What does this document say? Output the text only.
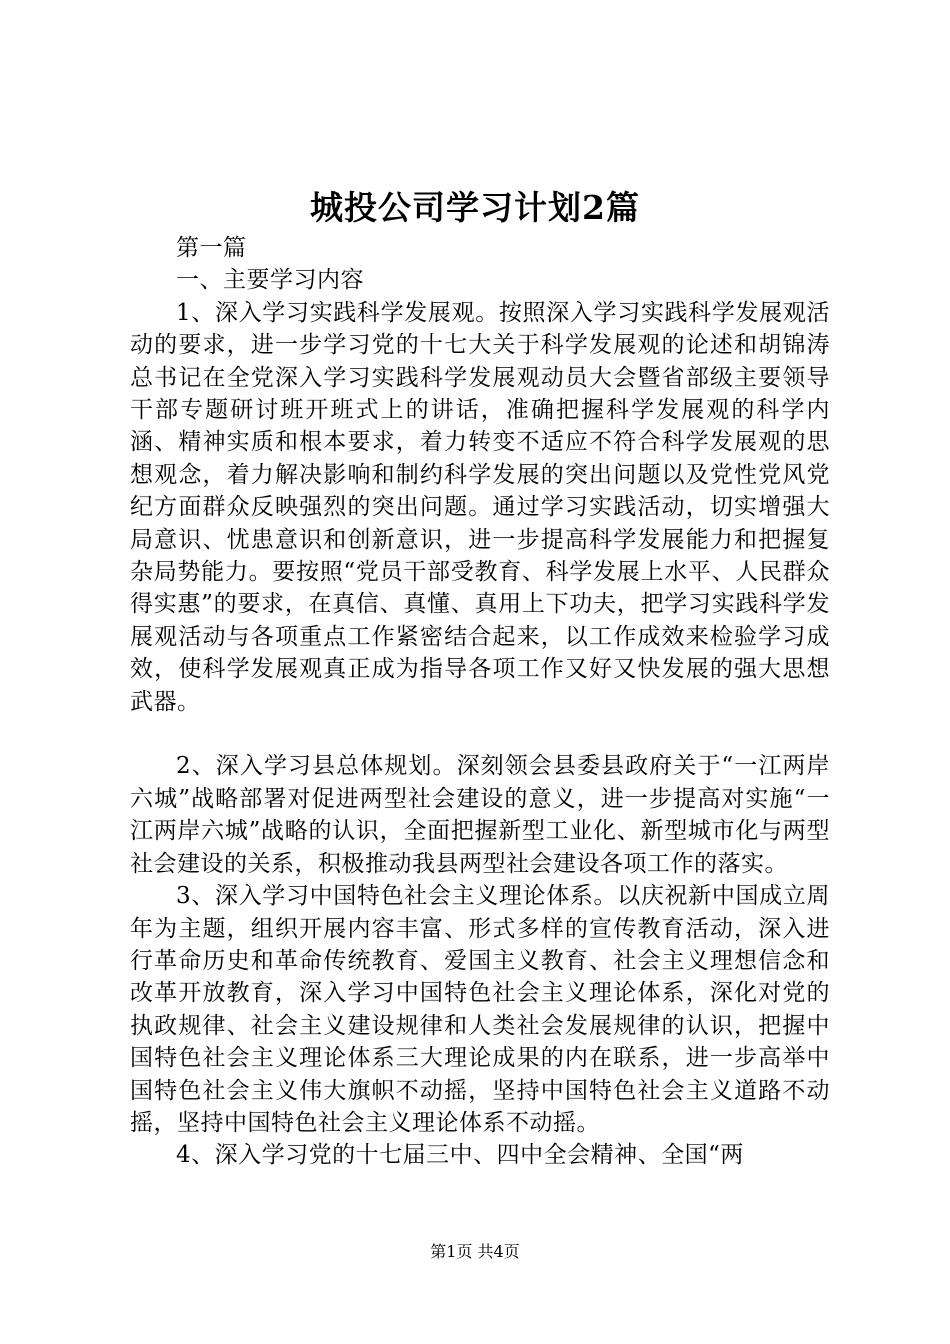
城投公司学习计划2篇

第一篇

一、主要学习内容

1、深入学习实践科学发展观。按照深入学习实践科学发展观活动的要求，进一步学习党的十七大关于科学发展观的论述和胡锦涛总书记在全党深入学习实践科学发展观动员大会暨省部级主要领导干部专题研讨班开班式上的讲话，准确把握科学发展观的科学内涵、精神实质和根本要求，着力转变不适应不符合科学发展观的思想观念，着力解决影响和制约科学发展的突出问题以及党性党风党纪方面群众反映强烈的突出问题。通过学习实践活动，切实增强大局意识、忧患意识和创新意识，进一步提高科学发展能力和把握复杂局势能力。要按照“党员干部受教育、科学发展上水平、人民群众得实惠”的要求，在真信、真懂、真用上下功夫，把学习实践科学发展观活动与各项重点工作紧密结合起来，以工作成效来检验学习成效，使科学发展观真正成为指导各项工作又好又快发展的强大思想武器。

2、深入学习县总体规划。深刻领会县委县政府关于“一江两岸六城”战略部署对促进两型社会建设的意义，进一步提高对实施“一江两岸六城”战略的认识，全面把握新型工业化、新型城市化与两型社会建设的关系，积极推动我县两型社会建设各项工作的落实。

3、深入学习中国特色社会主义理论体系。以庆祝新中国成立周年为主题，组织开展内容丰富、形式多样的宣传教育活动，深入进行革命历史和革命传统教育、爱国主义教育、社会主义理想信念和改革开放教育，深入学习中国特色社会主义理论体系，深化对党的执政规律、社会主义建设规律和人类社会发展规律的认识，把握中国特色社会主义理论体系三大理论成果的内在联系，进一步高举中国特色社会主义伟大旗帜不动摇，坚持中国特色社会主义道路不动摇，坚持中国特色社会主义理论体系不动摇。

4、深入学习党的十七届三中、四中全会精神、全国“两

第1页 共4页
